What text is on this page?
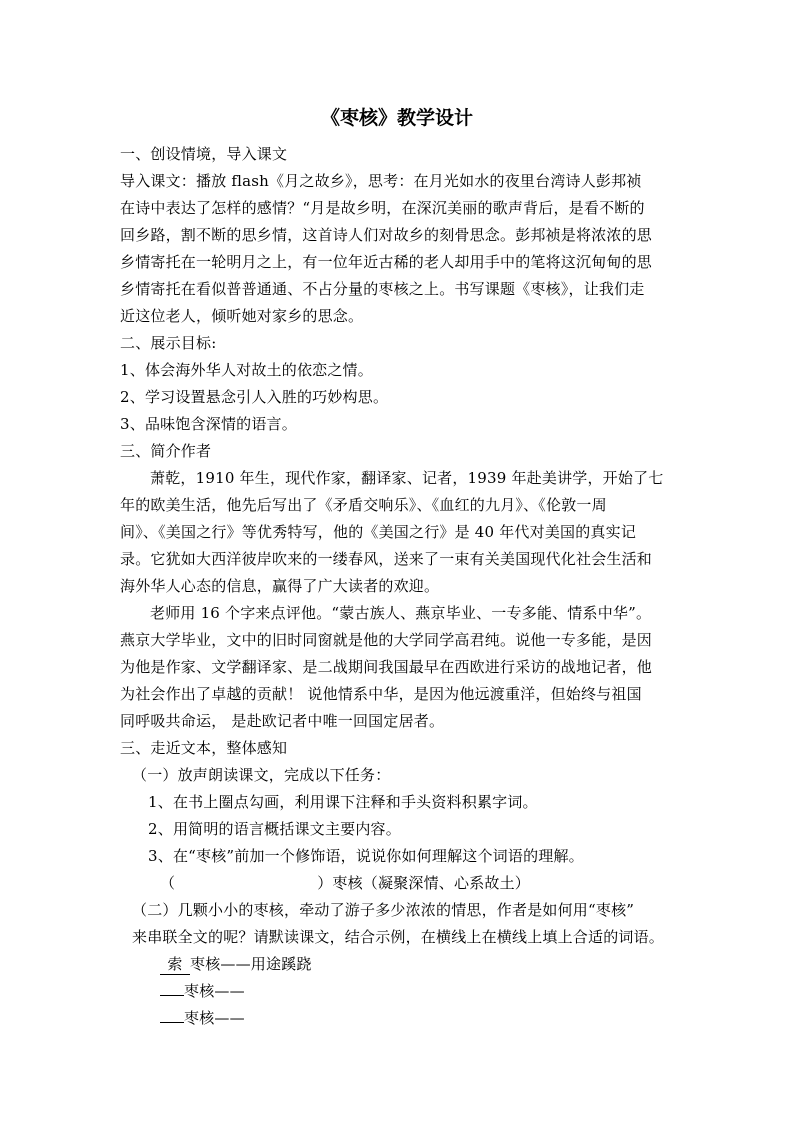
《枣核》教学设计
一、创设情境，导入课文
导入课文：播放 flash《月之故乡》，思考：在月光如水的夜里台湾诗人彭邦祯
在诗中表达了怎样的感情？“月是故乡明，在深沉美丽的歌声背后，是看不断的
回乡路，割不断的思乡情，这首诗人们对故乡的刻骨思念。彭邦祯是将浓浓的思
乡情寄托在一轮明月之上，有一位年近古稀的老人却用手中的笔将这沉甸甸的思
乡情寄托在看似普普通通、不占分量的枣核之上。书写课题《枣核》，让我们走
近这位老人，倾听她对家乡的思念。
二、展示目标:
1、体会海外华人对故土的依恋之情。
2、学习设置悬念引人入胜的巧妙构思。
3、品味饱含深情的语言。
三、简介作者
萧乾，1910 年生，现代作家，翻译家、记者，1939 年赴美讲学，开始了七
年的欧美生活，他先后写出了《矛盾交响乐》、《血红的九月》、《伦敦一周
间》、《美国之行》等优秀特写，他的《美国之行》是 40 年代对美国的真实记
录。它犹如大西洋彼岸吹来的一缕春风，送来了一束有关美国现代化社会生活和
海外华人心态的信息，赢得了广大读者的欢迎。
老师用 16 个字来点评他。“蒙古族人、燕京毕业、一专多能、情系中华”。
燕京大学毕业，文中的旧时同窗就是他的大学同学高君纯。说他一专多能，是因
为他是作家、文学翻译家、是二战期间我国最早在西欧进行采访的战地记者，他
为社会作出了卓越的贡献！ 说他情系中华，是因为他远渡重洋，但始终与祖国
同呼吸共命运， 是赴欧记者中唯一回国定居者。
三、走近文本，整体感知
（一）放声朗读课文，完成以下任务：
1、在书上圈点勾画，利用课下注释和手头资料积累字词。
2、用简明的语言概括课文主要内容。
3、在“枣核”前加一个修饰语，说说你如何理解这个词语的理解。
（	）枣核（凝聚深情、心系故土）
（二）几颗小小的枣核，牵动了游子多少浓浓的情思，作者是如何用“枣核”
来串联全文的呢？请默读课文，结合示例，在横线上在横线上填上合适的词语。
索 枣核——用途蹊跷
枣核——
枣核——
